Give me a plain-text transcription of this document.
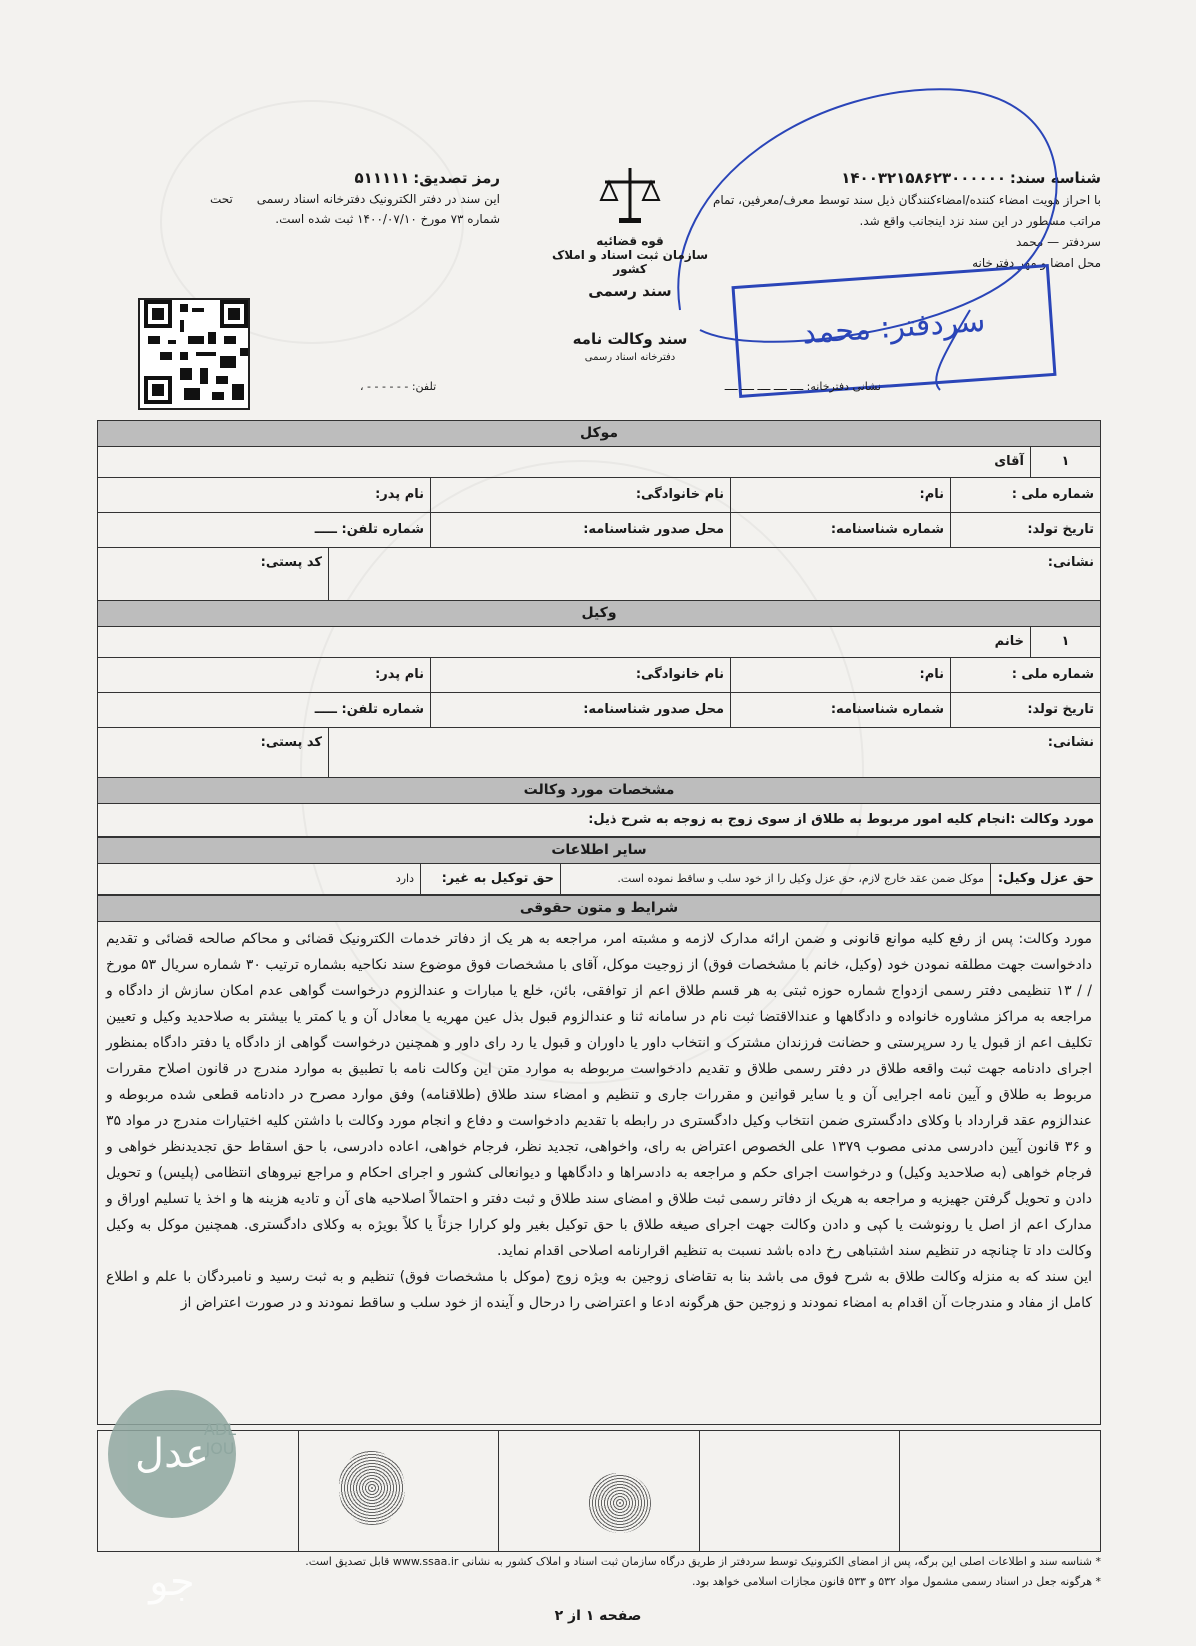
شناسه سند: ۱۴۰۰۳۲۱۵۸۶۲۳۰۰۰۰۰۰
با احراز هویت امضاء کننده/امضاءکنندگان ذیل سند توسط معرف/معرفین، تمام مراتب مسطور در این سند نزد اینجانب واقع شد.
سردفتر — محمد
محل امضا و مهر دفترخانه
سردفتر: محمد
قوه قضائیه
سازمان ثبت اسناد و املاک کشور
سند رسمی
سند وکالت نامه
دفترخانه اسناد رسمی
رمز تصدیق: ۵۱۱۱۱۱
این سند در دفتر الکترونیک دفترخانه اسناد رسمی تحت
شماره ۷۳ مورخ ۱۴۰۰/۰۷/۱۰ ثبت شده است.
نشانی دفترخانه: ــــ ــــ ــــ ــــ ــــ
تلفن: - - - - - - ،
موکل
۱
آقای
شماره ملی :
نام:
نام خانوادگی:
نام پدر:
تاریخ تولد:
شماره شناسنامه:
محل صدور شناسنامه:
شماره تلفن: ـــــ
نشانی:
کد پستی:
وکیل
۱
خانم
شماره ملی :
نام:
نام خانوادگی:
نام پدر:
تاریخ تولد:
شماره شناسنامه:
محل صدور شناسنامه:
شماره تلفن: ـــــ
نشانی:
کد پستی:
مشخصات مورد وکالت
مورد وکالت :انجام کلیه امور مربوط به طلاق از سوی زوج به زوجه به شرح ذیل:
سایر اطلاعات
حق عزل وکیل:
موکل ضمن عقد خارج لازم، حق عزل وکیل را از خود سلب و ساقط نموده است.
حق توکیل به غیر:
دارد
شرایط و متون حقوقی

مورد وکالت: پس از رفع کلیه موانع قانونی و ضمن ارائه مدارک لازمه و مشبته امر، مراجعه به هر یک از دفاتر خدمات الکترونیک قضائی و محاکم صالحه قضائی و تقدیم دادخواست جهت مطلقه نمودن خود (وکیل، خانم با مشخصات فوق) از زوجیت موکل، آقای با مشخصات فوق موضوع سند نکاحیه بشماره ترتیب ۳۰ شماره سریال ۵۳ مورخ / / ۱۳ تنظیمی دفتر رسمی ازدواج شماره حوزه ثبتی به هر قسم طلاق اعم از توافقی، بائن، خلع یا مبارات و عندالزوم درخواست گواهی عدم امکان سازش از دادگاه و مراجعه به مراکز مشاوره خانواده و دادگاهها و عندالاقتضا ثبت نام در سامانه ثنا و عندالزوم قبول بذل عین مهریه یا معادل آن و یا کمتر یا بیشتر به صلاحدید وکیل و تعیین تکلیف اعم از قبول یا رد سرپرستی و حضانت فرزندان مشترک و انتخاب داور یا داوران و قبول یا رد رای داور و همچنین درخواست گواهی از دادگاه یا دفتر دادگاه بمنظور اجرای دادنامه جهت ثبت واقعه طلاق در دفتر رسمی طلاق و تقدیم دادخواست مربوطه به موارد متن این وکالت نامه با تطبیق به موارد مندرج در قانون اصلاح مقررات مربوط به طلاق و آیین نامه اجرایی آن و یا سایر قوانین و مقررات جاری و تنظیم و امضاء سند طلاق (طلاقنامه) وفق موارد مصرح در دادنامه قطعی شده مربوطه و عندالزوم عقد قرارداد با وکلای دادگستری ضمن انتخاب وکیل دادگستری در رابطه با تقدیم دادخواست و دفاع و انجام مورد وکالت با داشتن کلیه اختیارات مندرج در مواد ۳۵ و ۳۶ قانون آیین دادرسی مدنی مصوب ۱۳۷۹ علی الخصوص اعتراض به رای، واخواهی، تجدید نظر، فرجام خواهی، اعاده دادرسی، با حق اسقاط حق تجدیدنظر خواهی و فرجام خواهی (به صلاحدید وکیل) و درخواست اجرای حکم و مراجعه به دادسراها و دادگاهها و دیوانعالی کشور و اجرای احکام و مراجع نیروهای انتظامی (پلیس) و تحویل دادن و تحویل گرفتن جهیزیه و مراجعه به هریک از دفاتر رسمی ثبت طلاق و امضای سند طلاق و ثبت دفتر و احتمالاً اصلاحیه های آن و تادیه هزینه ها و اخذ یا تسلیم اوراق و مدارک اعم از اصل یا رونوشت یا کپی و دادن وکالت جهت اجرای صیغه طلاق با حق توکیل بغیر ولو کرارا جزئاً یا کلاً بویژه به وکلای دادگستری. همچنین موکل به وکیل وکالت داد تا چنانچه در تنظیم سند اشتباهی رخ داده باشد نسبت به تنظیم اقرارنامه اصلاحی اقدام نماید.

این سند که به منزله وکالت طلاق به شرح فوق می باشد بنا به تقاضای زوجین به ویژه زوج (موکل با مشخصات فوق) تنظیم و به ثبت رسید و نامبردگان با علم و اطلاع کامل از مفاد و مندرجات آن اقدام به امضاء نمودند و زوجین حق هرگونه ادعا و اعتراضی را درحال و آینده از خود سلب و ساقط نمودند و در صورت اعتراض از

عدل جو
ADL JOU
* شناسه سند و اطلاعات اصلی این برگه، پس از امضای الکترونیک توسط سردفتر از طریق درگاه سازمان ثبت اسناد و املاک کشور به نشانی www.ssaa.ir قابل تصدیق است.
* هرگونه جعل در اسناد رسمی مشمول مواد ۵۳۲ و ۵۳۳ قانون مجازات اسلامی خواهد بود.
صفحه ۱ از ۲
